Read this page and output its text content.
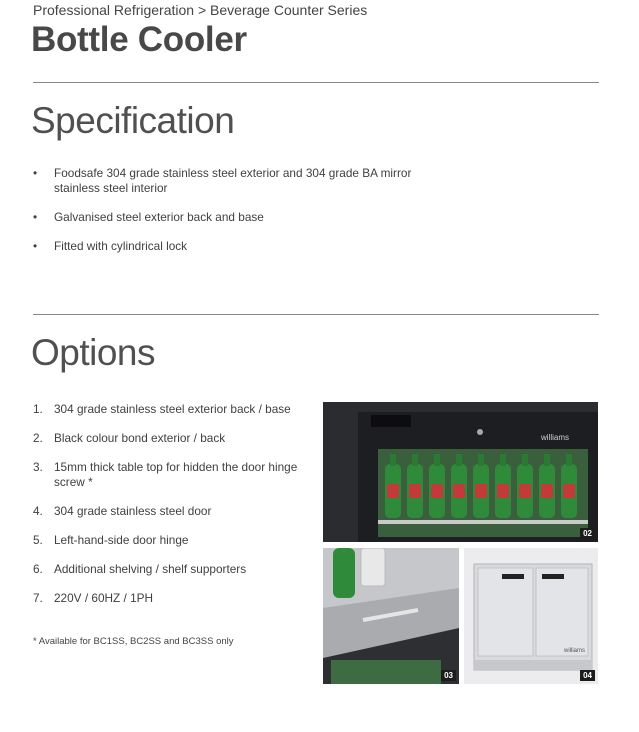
Professional Refrigeration > Beverage Counter Series
Bottle Cooler
Specification
• Foodsafe 304 grade stainless steel exterior and 304 grade BA mirror stainless steel interior
• Galvanised steel exterior back and base
• Fitted with cylindrical lock
Options
1. 304 grade stainless steel exterior back / base
2. Black colour bond exterior / back
3. 15mm thick table top for hidden the door hinge screw *
4. 304 grade stainless steel door
5. Left-hand-side door hinge
6. Additional shelving / shelf supporters
7. 220V / 60HZ / 1PH
* Available for BC1SS, BC2SS and BC3SS only
williams
02
03
williams
04
